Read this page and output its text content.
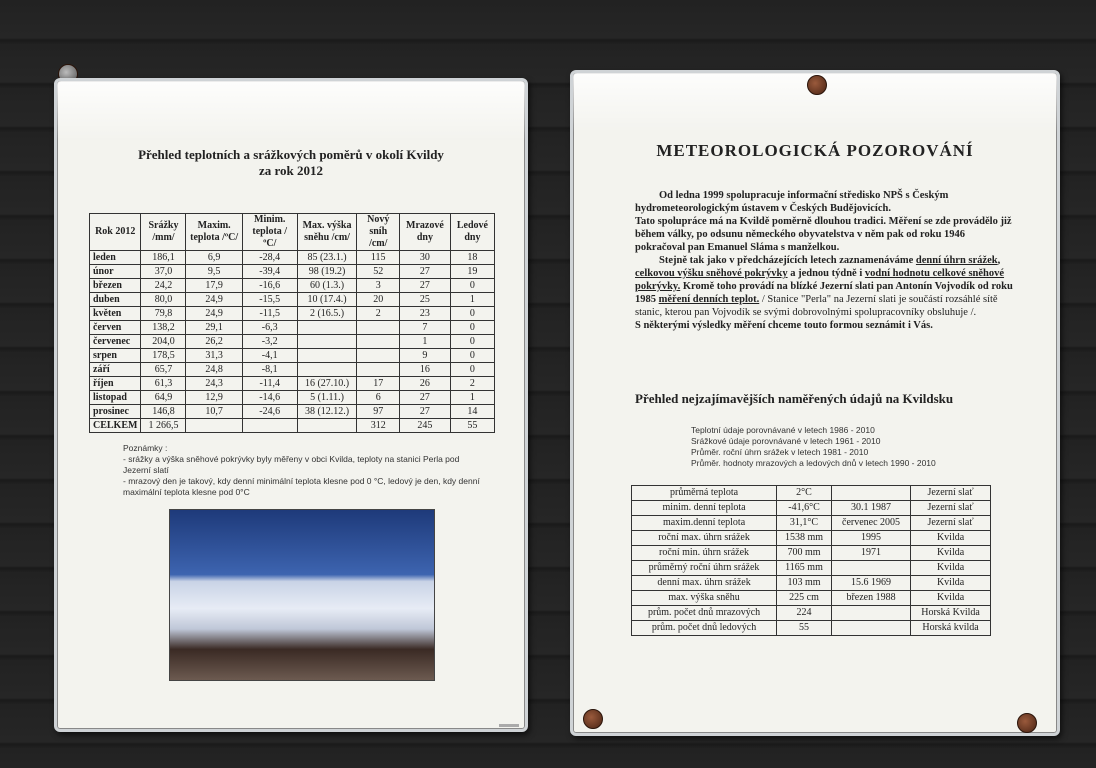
Přehled teplotních a srážkových poměrů v okolí Kvildy
za rok 2012
Rok 2012	Srážky /mm/	Maxim. teplota /ºC/	Minim. teplota /ºC/	Max. výška sněhu /cm/	Nový sníh /cm/	Mrazové dny	Ledové dny
leden	186,1	6,9	-28,4	85 (23.1.)	115	30	18
únor	37,0	9,5	-39,4	98 (19.2)	52	27	19
březen	24,2	17,9	-16,6	60 (1.3.)	3	27	0
duben	80,0	24,9	-15,5	10 (17.4.)	20	25	1
květen	79,8	24,9	-11,5	2 (16.5.)	2	23	0
červen	138,2	29,1	-6,3			7	0
červenec	204,0	26,2	-3,2			1	0
srpen	178,5	31,3	-4,1			9	0
září	65,7	24,8	-8,1			16	0
říjen	61,3	24,3	-11,4	16 (27.10.)	17	26	2
listopad	64,9	12,9	-14,6	5 (1.11.)	6	27	1
prosinec	146,8	10,7	-24,6	38 (12.12.)	97	27	14
CELKEM	1 266,5				312	245	55
Poznámky :
- srážky a výška sněhové pokrývky byly měřeny v obci Kvilda, teploty na stanici Perla pod Jezerní slatí
- mrazový den je takový, kdy denní minimální teplota klesne pod 0 °C, ledový je den, kdy denní maximální teplota klesne pod 0°C
METEOROLOGICKÁ POZOROVÁNÍ

Od ledna 1999 spolupracuje informační středisko NPŠ s Českým hydrometeorologickým ústavem v Českých Budějovicích.

Tato spolupráce má na Kvildě poměrně dlouhou tradici. Měření se zde provádělo již během války, po odsunu německého obyvatelstva v něm pak od roku 1946 pokračoval pan Emanuel Sláma s manželkou.

Stejně tak jako v předcházejících letech zaznamenáváme denní úhrn srážek, celkovou výšku sněhové pokrývky a jednou týdně i vodní hodnotu celkové sněhové pokrývky. Kromě toho provádí na blízké Jezerní slati pan Antonín Vojvodík od roku 1985 měření denních teplot. / Stanice "Perla" na Jezerní slati je součástí rozsáhlé sítě stanic, kterou pan Vojvodík se svými dobrovolnými spolupracovníky obsluhuje /.

S některými výsledky měření chceme touto formou seznámit i Vás.

Přehled nejzajímavějších naměřených údajů na Kvildsku
Teplotní údaje porovnávané v letech 1986 - 2010
Srážkové údaje porovnávané v letech 1961 - 2010
Průměr. roční úhrn srážek v letech 1981 - 2010
Průměr. hodnoty mrazových a ledových dnů v letech 1990 - 2010
průměrná teplota	2°C		Jezerní slať
minim. denní teplota	-41,6°C	30.1 1987	Jezerní slať
maxim.denní teplota	31,1°C	červenec 2005	Jezerní slať
roční max. úhrn srážek	1538 mm	1995	Kvilda
roční min. úhrn srážek	700 mm	1971	Kvilda
průměrný roční úhrn srážek	1165 mm		Kvilda
denní max. úhrn srážek	103 mm	15.6 1969	Kvilda
max. výška sněhu	225 cm	březen 1988	Kvilda
prům. počet dnů mrazových	224		Horská Kvilda
prům. počet dnů ledových	55		Horská kvilda
